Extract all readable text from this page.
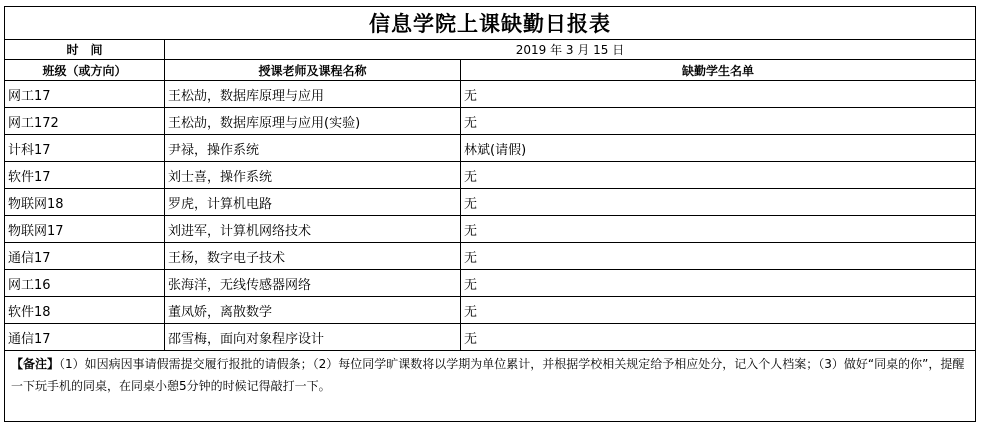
信息学院上课缺勤日报表
时　间	2019 年 3 月 15 日
班级（或方向）	授课老师及课程名称	缺勤学生名单
网工17	王松劼，数据库原理与应用	无
网工172	王松劼，数据库原理与应用(实验)	无
计科17	尹禄，操作系统	林斌(请假)
软件17	刘士喜，操作系统	无
物联网18	罗虎，计算机电路	无
物联网17	刘进军，计算机网络技术	无
通信17	王杨，数字电子技术	无
网工16	张海洋，无线传感器网络	无
软件18	董凤娇，离散数学	无
通信17	邵雪梅，面向对象程序设计	无
【备注】（1）如因病因事请假需提交履行报批的请假条；（2）每位同学旷课数将以学期为单位累计，并根据学校相关规定给予相应处分，记入个人档案；（3）做好“同桌的你”，提醒一下玩手机的同桌，在同桌小憩5分钟的时候记得敲打一下。
